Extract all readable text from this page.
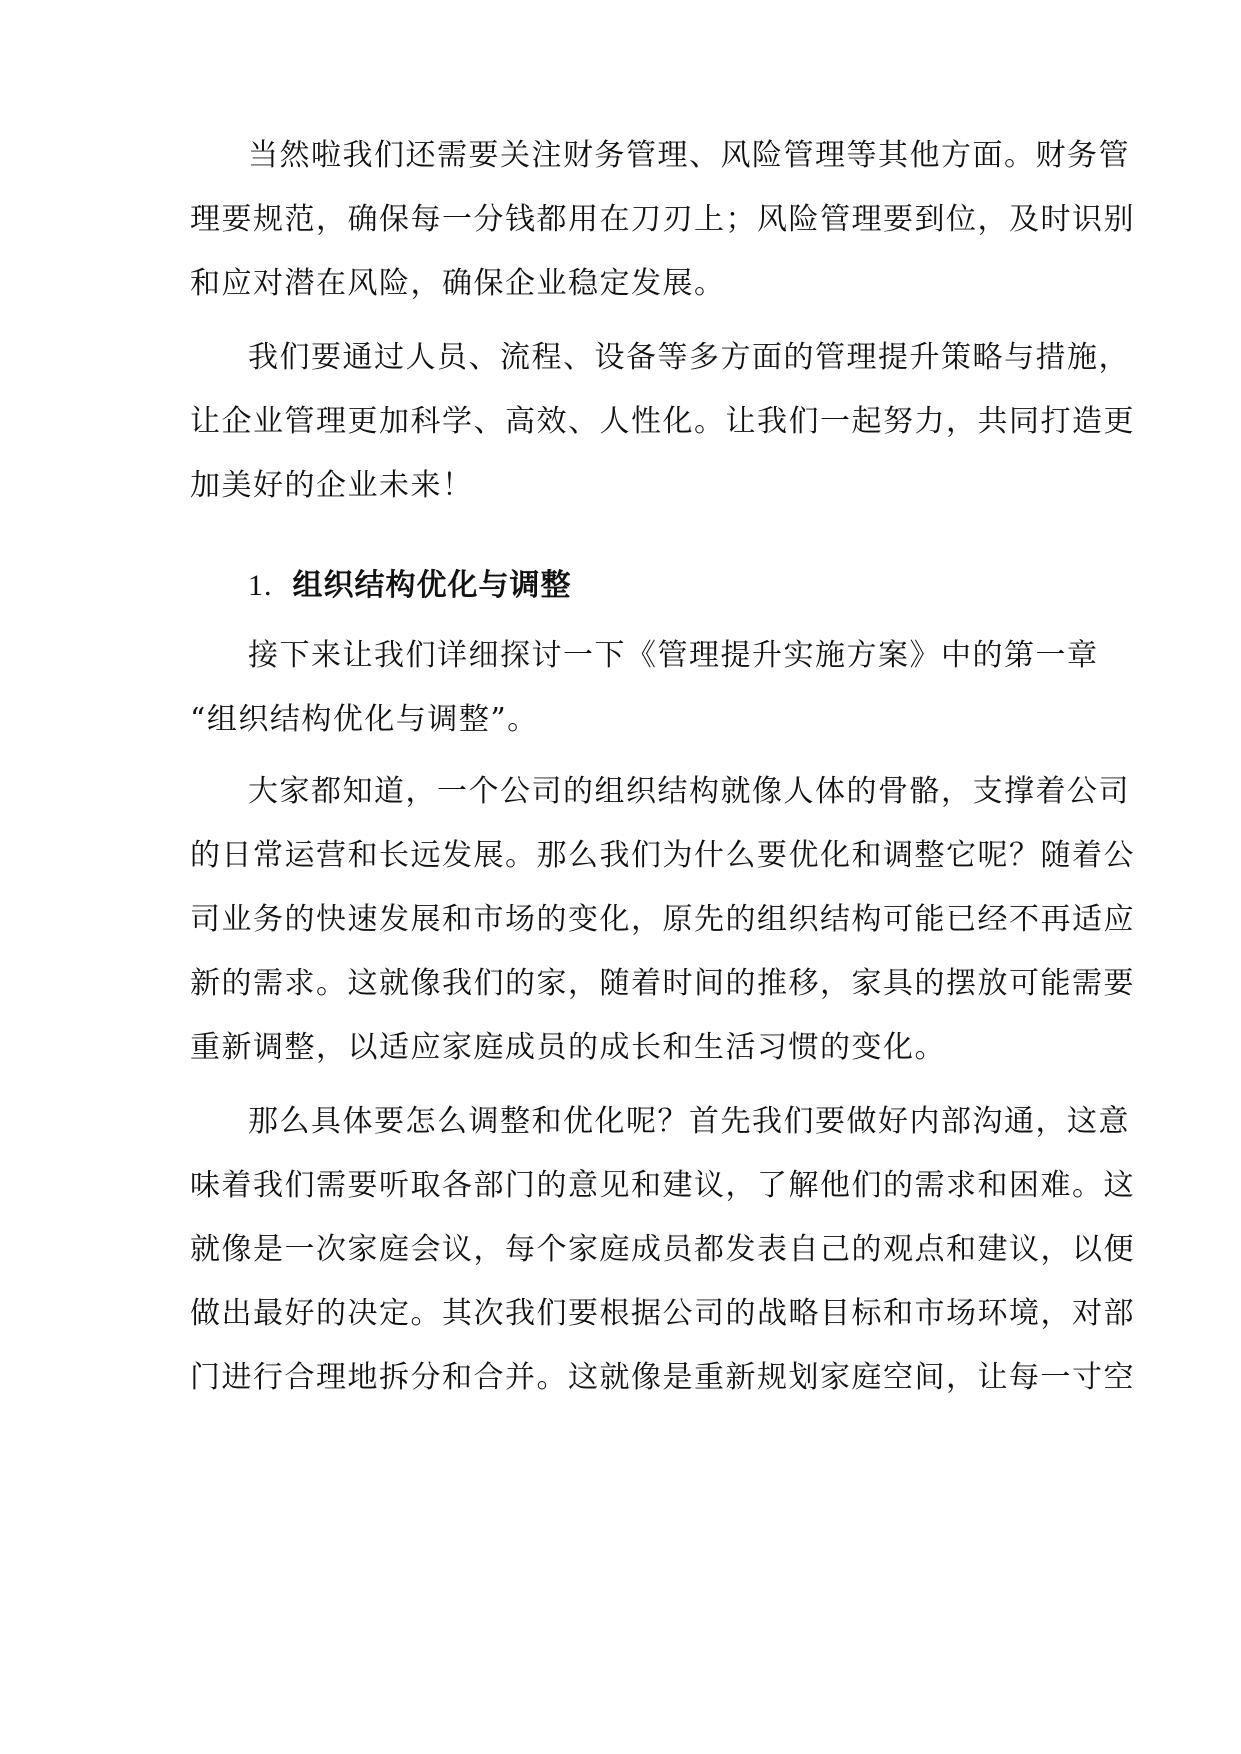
当然啦我们还需要关注财务管理、风险管理等其他方面。财务管
理要规范，确保每一分钱都用在刀刃上；风险管理要到位，及时识别
和应对潜在风险，确保企业稳定发展。
我们要通过人员、流程、设备等多方面的管理提升策略与措施，
让企业管理更加科学、高效、人性化。让我们一起努力，共同打造更
加美好的企业未来！
1. 组织结构优化与调整
接下来让我们详细探讨一下《管理提升实施方案》中的第一章
“组织结构优化与调整”。
大家都知道，一个公司的组织结构就像人体的骨骼，支撑着公司
的日常运营和长远发展。那么我们为什么要优化和调整它呢？随着公
司业务的快速发展和市场的变化，原先的组织结构可能已经不再适应
新的需求。这就像我们的家，随着时间的推移，家具的摆放可能需要
重新调整，以适应家庭成员的成长和生活习惯的变化。
那么具体要怎么调整和优化呢？首先我们要做好内部沟通，这意
味着我们需要听取各部门的意见和建议，了解他们的需求和困难。这
就像是一次家庭会议，每个家庭成员都发表自己的观点和建议，以便
做出最好的决定。其次我们要根据公司的战略目标和市场环境，对部
门进行合理地拆分和合并。这就像是重新规划家庭空间，让每一寸空
